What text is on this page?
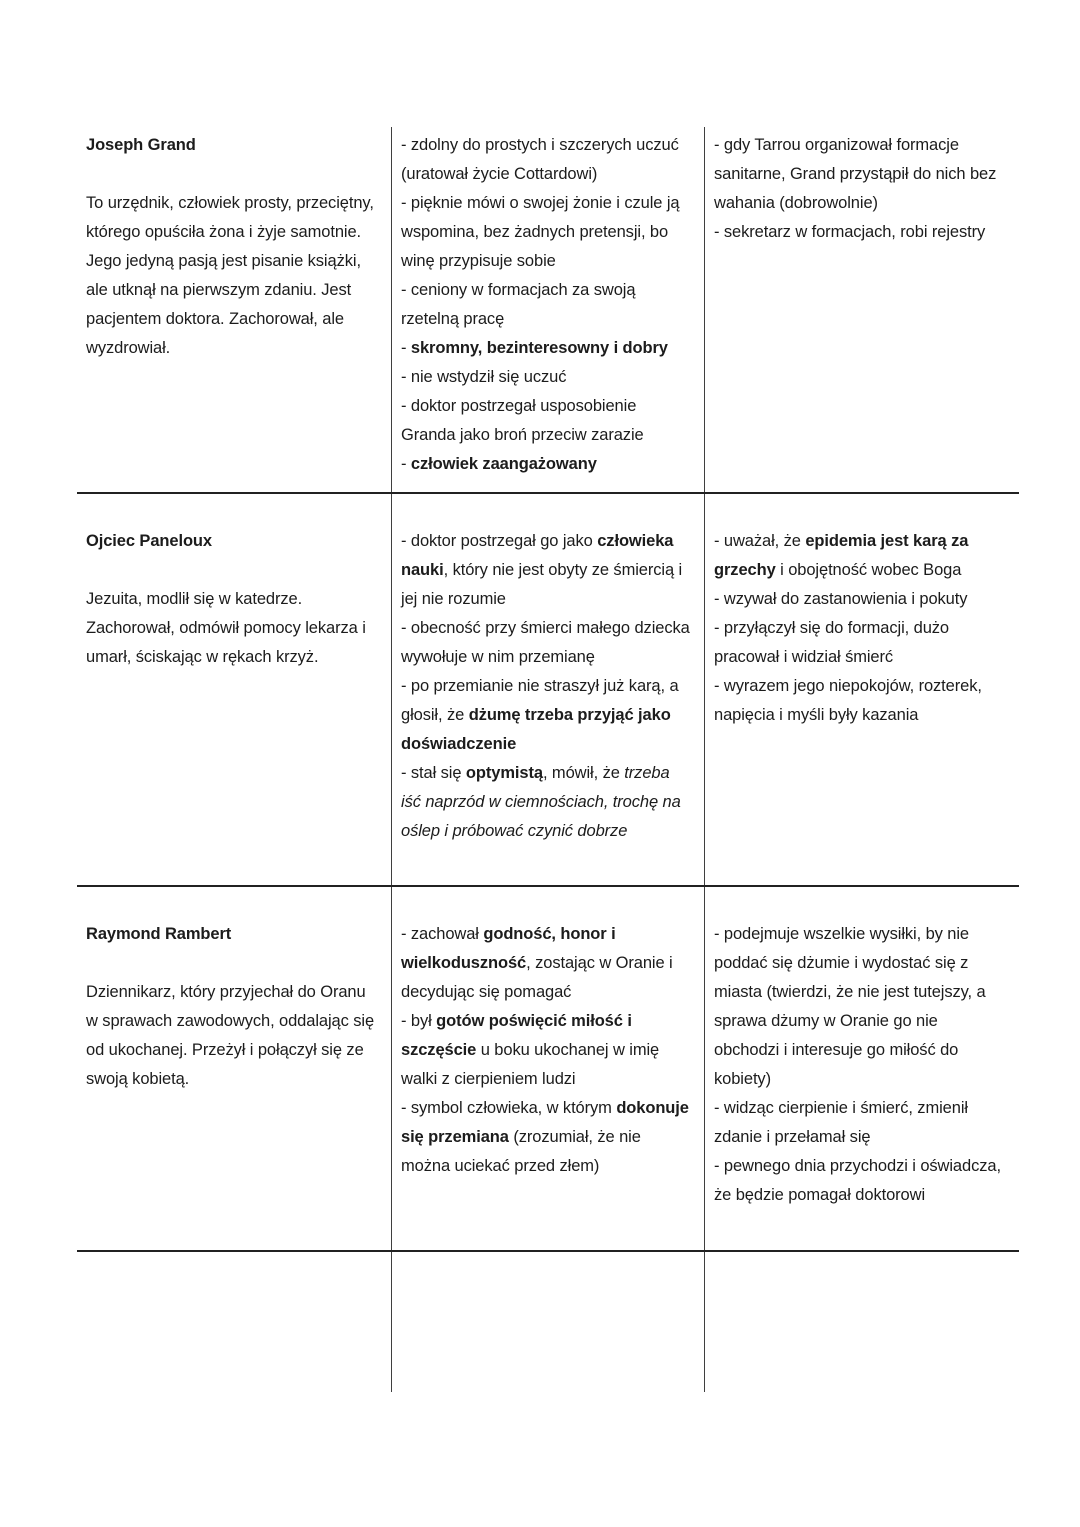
Joseph Grand

To urzędnik, człowiek prosty, przeciętny, którego opuściła żona i żyje samotnie. Jego jedyną pasją jest pisanie książki, ale utknął na pierwszym zdaniu. Jest pacjentem doktora. Zachorował, ale wyzdrowiał.

- zdolny do prostych i szczerych uczuć (uratował życie Cottardowi)

- pięknie mówi o swojej żonie i czule ją wspomina, bez żadnych pretensji, bo winę przypisuje sobie

- ceniony w formacjach za swoją rzetelną pracę

- skromny, bezinteresowny i dobry

- nie wstydził się uczuć

- doktor postrzegał usposobienie Granda jako broń przeciw zarazie

- człowiek zaangażowany

- gdy Tarrou organizował formacje sanitarne, Grand przystąpił do nich bez wahania (dobrowolnie)

- sekretarz w formacjach, robi rejestry

Ojciec Paneloux

Jezuita, modlił się w katedrze. Zachorował, odmówił pomocy lekarza i umarł, ściskając w rękach krzyż.

- doktor postrzegał go jako człowieka nauki, który nie jest obyty ze śmiercią i jej nie rozumie

- obecność przy śmierci małego dziecka wywołuje w nim przemianę

- po przemianie nie straszył już karą, a głosił, że dżumę trzeba przyjąć jako doświadczenie

- stał się optymistą, mówił, że trzeba iść naprzód w ciemnościach, trochę na oślep i próbować czynić dobrze

- uważał, że epidemia jest karą za grzechy i obojętność wobec Boga

- wzywał do zastanowienia i pokuty

- przyłączył się do formacji, dużo pracował i widział śmierć

- wyrazem jego niepokojów, rozterek, napięcia i myśli były kazania

Raymond Rambert

Dziennikarz, który przyjechał do Oranu w sprawach zawodowych, oddalając się od ukochanej. Przeżył i połączył się ze swoją kobietą.

- zachował godność, honor i wielkoduszność, zostając w Oranie i decydując się pomagać

- był gotów poświęcić miłość i szczęście u boku ukochanej w imię walki z cierpieniem ludzi

- symbol człowieka, w którym dokonuje się przemiana (zrozumiał, że nie można uciekać przed złem)

- podejmuje wszelkie wysiłki, by nie poddać się dżumie i wydostać się z miasta (twierdzi, że nie jest tutejszy, a sprawa dżumy w Oranie go nie obchodzi i interesuje go miłość do kobiety)

- widząc cierpienie i śmierć, zmienił zdanie i przełamał się

- pewnego dnia przychodzi i oświadcza, że będzie pomagał doktorowi
